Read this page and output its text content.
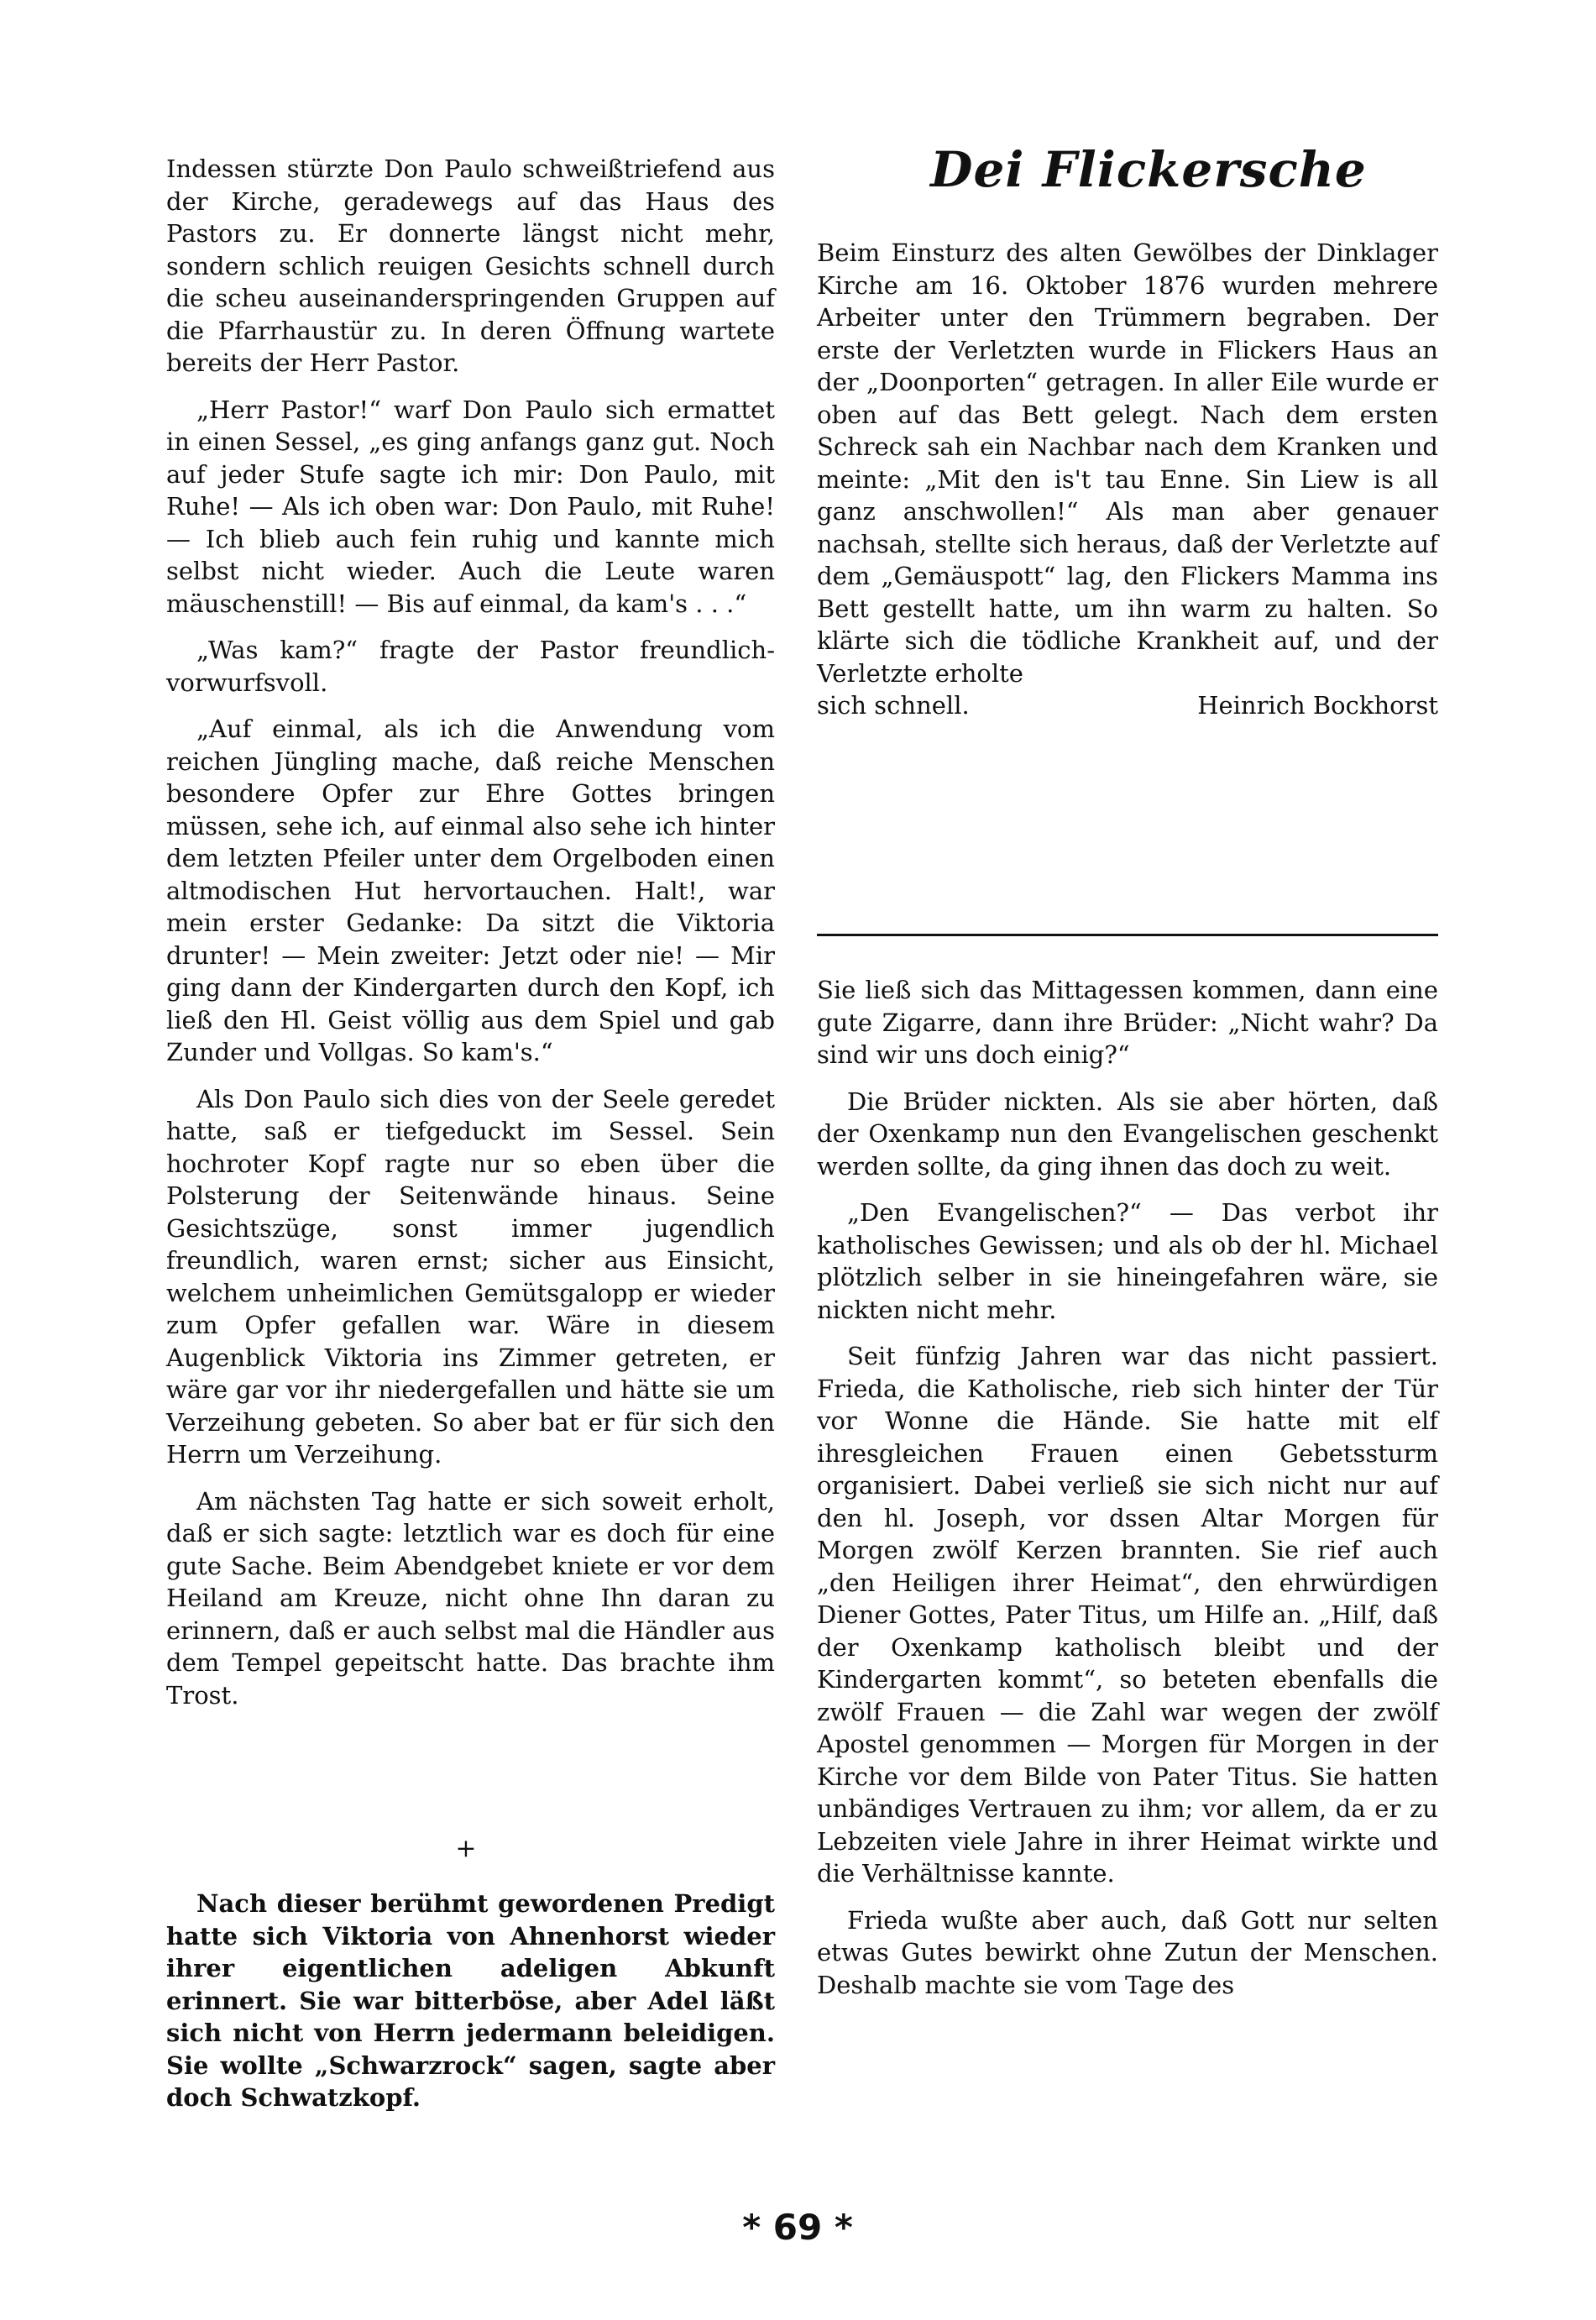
Indessen stürzte Don Paulo schweißtriefend aus der Kirche, geradewegs auf das Haus des Pastors zu. Er donnerte längst nicht mehr, sondern schlich reuigen Gesichts schnell durch die scheu auseinanderspringenden Gruppen auf die Pfarrhaustür zu. In deren Öffnung wartete bereits der Herr Pastor.

„Herr Pastor!“ warf Don Paulo sich ermattet in einen Sessel, „es ging anfangs ganz gut. Noch auf jeder Stufe sagte ich mir: Don Paulo, mit Ruhe! — Als ich oben war: Don Paulo, mit Ruhe! — Ich blieb auch fein ruhig und kannte mich selbst nicht wieder. Auch die Leute waren mäuschenstill! — Bis auf einmal, da kam's . . .“

„Was kam?“ fragte der Pastor freundlich-vorwurfsvoll.

„Auf einmal, als ich die Anwendung vom reichen Jüngling mache, daß reiche Menschen besondere Opfer zur Ehre Gottes bringen müssen, sehe ich, auf einmal also sehe ich hinter dem letzten Pfeiler unter dem Orgelboden einen altmodischen Hut hervortauchen. Halt!, war mein erster Gedanke: Da sitzt die Viktoria drunter! — Mein zweiter: Jetzt oder nie! — Mir ging dann der Kindergarten durch den Kopf, ich ließ den Hl. Geist völlig aus dem Spiel und gab Zunder und Vollgas. So kam's.“

Als Don Paulo sich dies von der Seele geredet hatte, saß er tiefgeduckt im Sessel. Sein hochroter Kopf ragte nur so eben über die Polsterung der Seitenwände hinaus. Seine Gesichtszüge, sonst immer jugendlich freundlich, waren ernst; sicher aus Einsicht, welchem unheimlichen Gemütsgalopp er wieder zum Opfer gefallen war. Wäre in diesem Augenblick Viktoria ins Zimmer getreten, er wäre gar vor ihr niedergefallen und hätte sie um Verzeihung gebeten. So aber bat er für sich den Herrn um Verzeihung.

Am nächsten Tag hatte er sich soweit erholt, daß er sich sagte: letztlich war es doch für eine gute Sache. Beim Abendgebet kniete er vor dem Heiland am Kreuze, nicht ohne Ihn daran zu erinnern, daß er auch selbst mal die Händler aus dem Tempel gepeitscht hatte. Das brachte ihm Trost.

+

Nach dieser berühmt gewordenen Predigt hatte sich Viktoria von Ahnenhorst wieder ihrer eigentlichen adeligen Abkunft erinnert. Sie war bitterböse, aber Adel läßt sich nicht von Herrn jedermann beleidigen. Sie wollte „Schwarzrock“ sagen, sagte aber doch Schwatzkopf.

Dei Flickersche

Beim Einsturz des alten Gewölbes der Dinklager Kirche am 16. Oktober 1876 wurden mehrere Arbeiter unter den Trümmern begraben. Der erste der Verletzten wurde in Flickers Haus an der „Doonporten“ getragen. In aller Eile wurde er oben auf das Bett gelegt. Nach dem ersten Schreck sah ein Nachbar nach dem Kranken und meinte: „Mit den is't tau Enne. Sin Liew is all ganz anschwollen!“ Als man aber genauer nachsah, stellte sich heraus, daß der Verletzte auf dem „Gemäuspott“ lag, den Flickers Mamma ins Bett gestellt hatte, um ihn warm zu halten. So klärte sich die tödliche Krankheit auf, und der Verletzte erholte

sich schnell.	Heinrich Bockhorst

Sie ließ sich das Mittagessen kommen, dann eine gute Zigarre, dann ihre Brüder: „Nicht wahr? Da sind wir uns doch einig?“

Die Brüder nickten. Als sie aber hörten, daß der Oxenkamp nun den Evangelischen geschenkt werden sollte, da ging ihnen das doch zu weit.

„Den Evangelischen?“ — Das verbot ihr katholisches Gewissen; und als ob der hl. Michael plötzlich selber in sie hineingefahren wäre, sie nickten nicht mehr.

Seit fünfzig Jahren war das nicht passiert. Frieda, die Katholische, rieb sich hinter der Tür vor Wonne die Hände. Sie hatte mit elf ihresgleichen Frauen einen Gebetssturm organisiert. Dabei verließ sie sich nicht nur auf den hl. Joseph, vor dssen Altar Morgen für Morgen zwölf Kerzen brannten. Sie rief auch „den Heiligen ihrer Heimat“, den ehrwürdigen Diener Gottes, Pater Titus, um Hilfe an. „Hilf, daß der Oxenkamp katholisch bleibt und der Kindergarten kommt“, so beteten ebenfalls die zwölf Frauen — die Zahl war wegen der zwölf Apostel genommen — Morgen für Morgen in der Kirche vor dem Bilde von Pater Titus. Sie hatten unbändiges Vertrauen zu ihm; vor allem, da er zu Lebzeiten viele Jahre in ihrer Heimat wirkte und die Verhältnisse kannte.

Frieda wußte aber auch, daß Gott nur selten etwas Gutes bewirkt ohne Zutun der Menschen. Deshalb machte sie vom Tage des

* 69 *
